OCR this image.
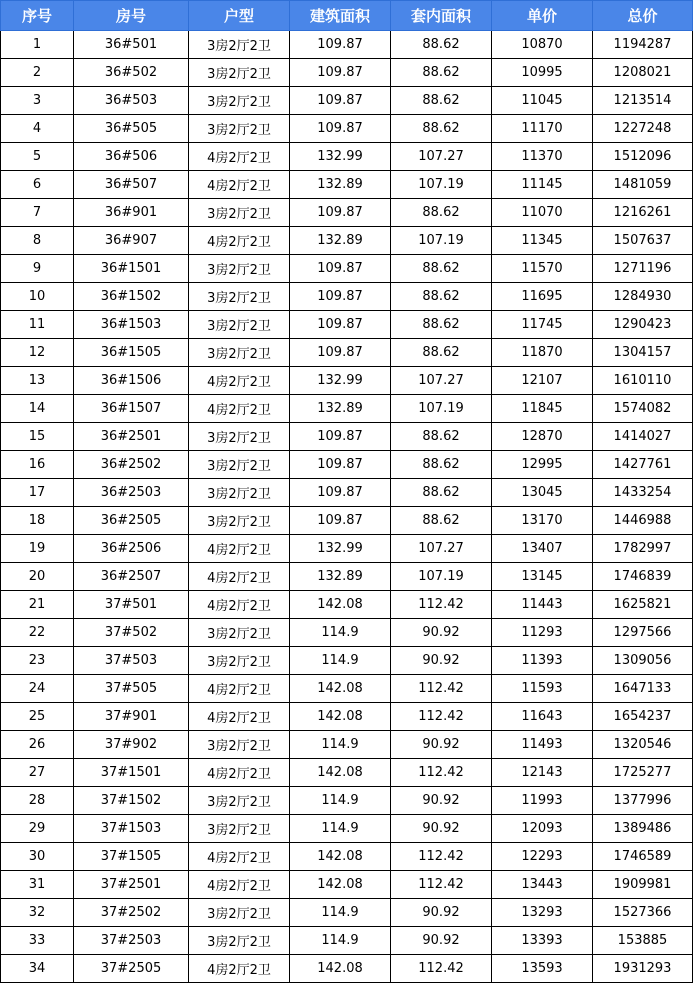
序号	房号	户型	建筑面积	套内面积	单价	总价
1	36#501	3房2厅2卫	109.87	88.62	10870	1194287
2	36#502	3房2厅2卫	109.87	88.62	10995	1208021
3	36#503	3房2厅2卫	109.87	88.62	11045	1213514
4	36#505	3房2厅2卫	109.87	88.62	11170	1227248
5	36#506	4房2厅2卫	132.99	107.27	11370	1512096
6	36#507	4房2厅2卫	132.89	107.19	11145	1481059
7	36#901	3房2厅2卫	109.87	88.62	11070	1216261
8	36#907	4房2厅2卫	132.89	107.19	11345	1507637
9	36#1501	3房2厅2卫	109.87	88.62	11570	1271196
10	36#1502	3房2厅2卫	109.87	88.62	11695	1284930
11	36#1503	3房2厅2卫	109.87	88.62	11745	1290423
12	36#1505	3房2厅2卫	109.87	88.62	11870	1304157
13	36#1506	4房2厅2卫	132.99	107.27	12107	1610110
14	36#1507	4房2厅2卫	132.89	107.19	11845	1574082
15	36#2501	3房2厅2卫	109.87	88.62	12870	1414027
16	36#2502	3房2厅2卫	109.87	88.62	12995	1427761
17	36#2503	3房2厅2卫	109.87	88.62	13045	1433254
18	36#2505	3房2厅2卫	109.87	88.62	13170	1446988
19	36#2506	4房2厅2卫	132.99	107.27	13407	1782997
20	36#2507	4房2厅2卫	132.89	107.19	13145	1746839
21	37#501	4房2厅2卫	142.08	112.42	11443	1625821
22	37#502	3房2厅2卫	114.9	90.92	11293	1297566
23	37#503	3房2厅2卫	114.9	90.92	11393	1309056
24	37#505	4房2厅2卫	142.08	112.42	11593	1647133
25	37#901	4房2厅2卫	142.08	112.42	11643	1654237
26	37#902	3房2厅2卫	114.9	90.92	11493	1320546
27	37#1501	4房2厅2卫	142.08	112.42	12143	1725277
28	37#1502	3房2厅2卫	114.9	90.92	11993	1377996
29	37#1503	3房2厅2卫	114.9	90.92	12093	1389486
30	37#1505	4房2厅2卫	142.08	112.42	12293	1746589
31	37#2501	4房2厅2卫	142.08	112.42	13443	1909981
32	37#2502	3房2厅2卫	114.9	90.92	13293	1527366
33	37#2503	3房2厅2卫	114.9	90.92	13393	153885
34	37#2505	4房2厅2卫	142.08	112.42	13593	1931293
